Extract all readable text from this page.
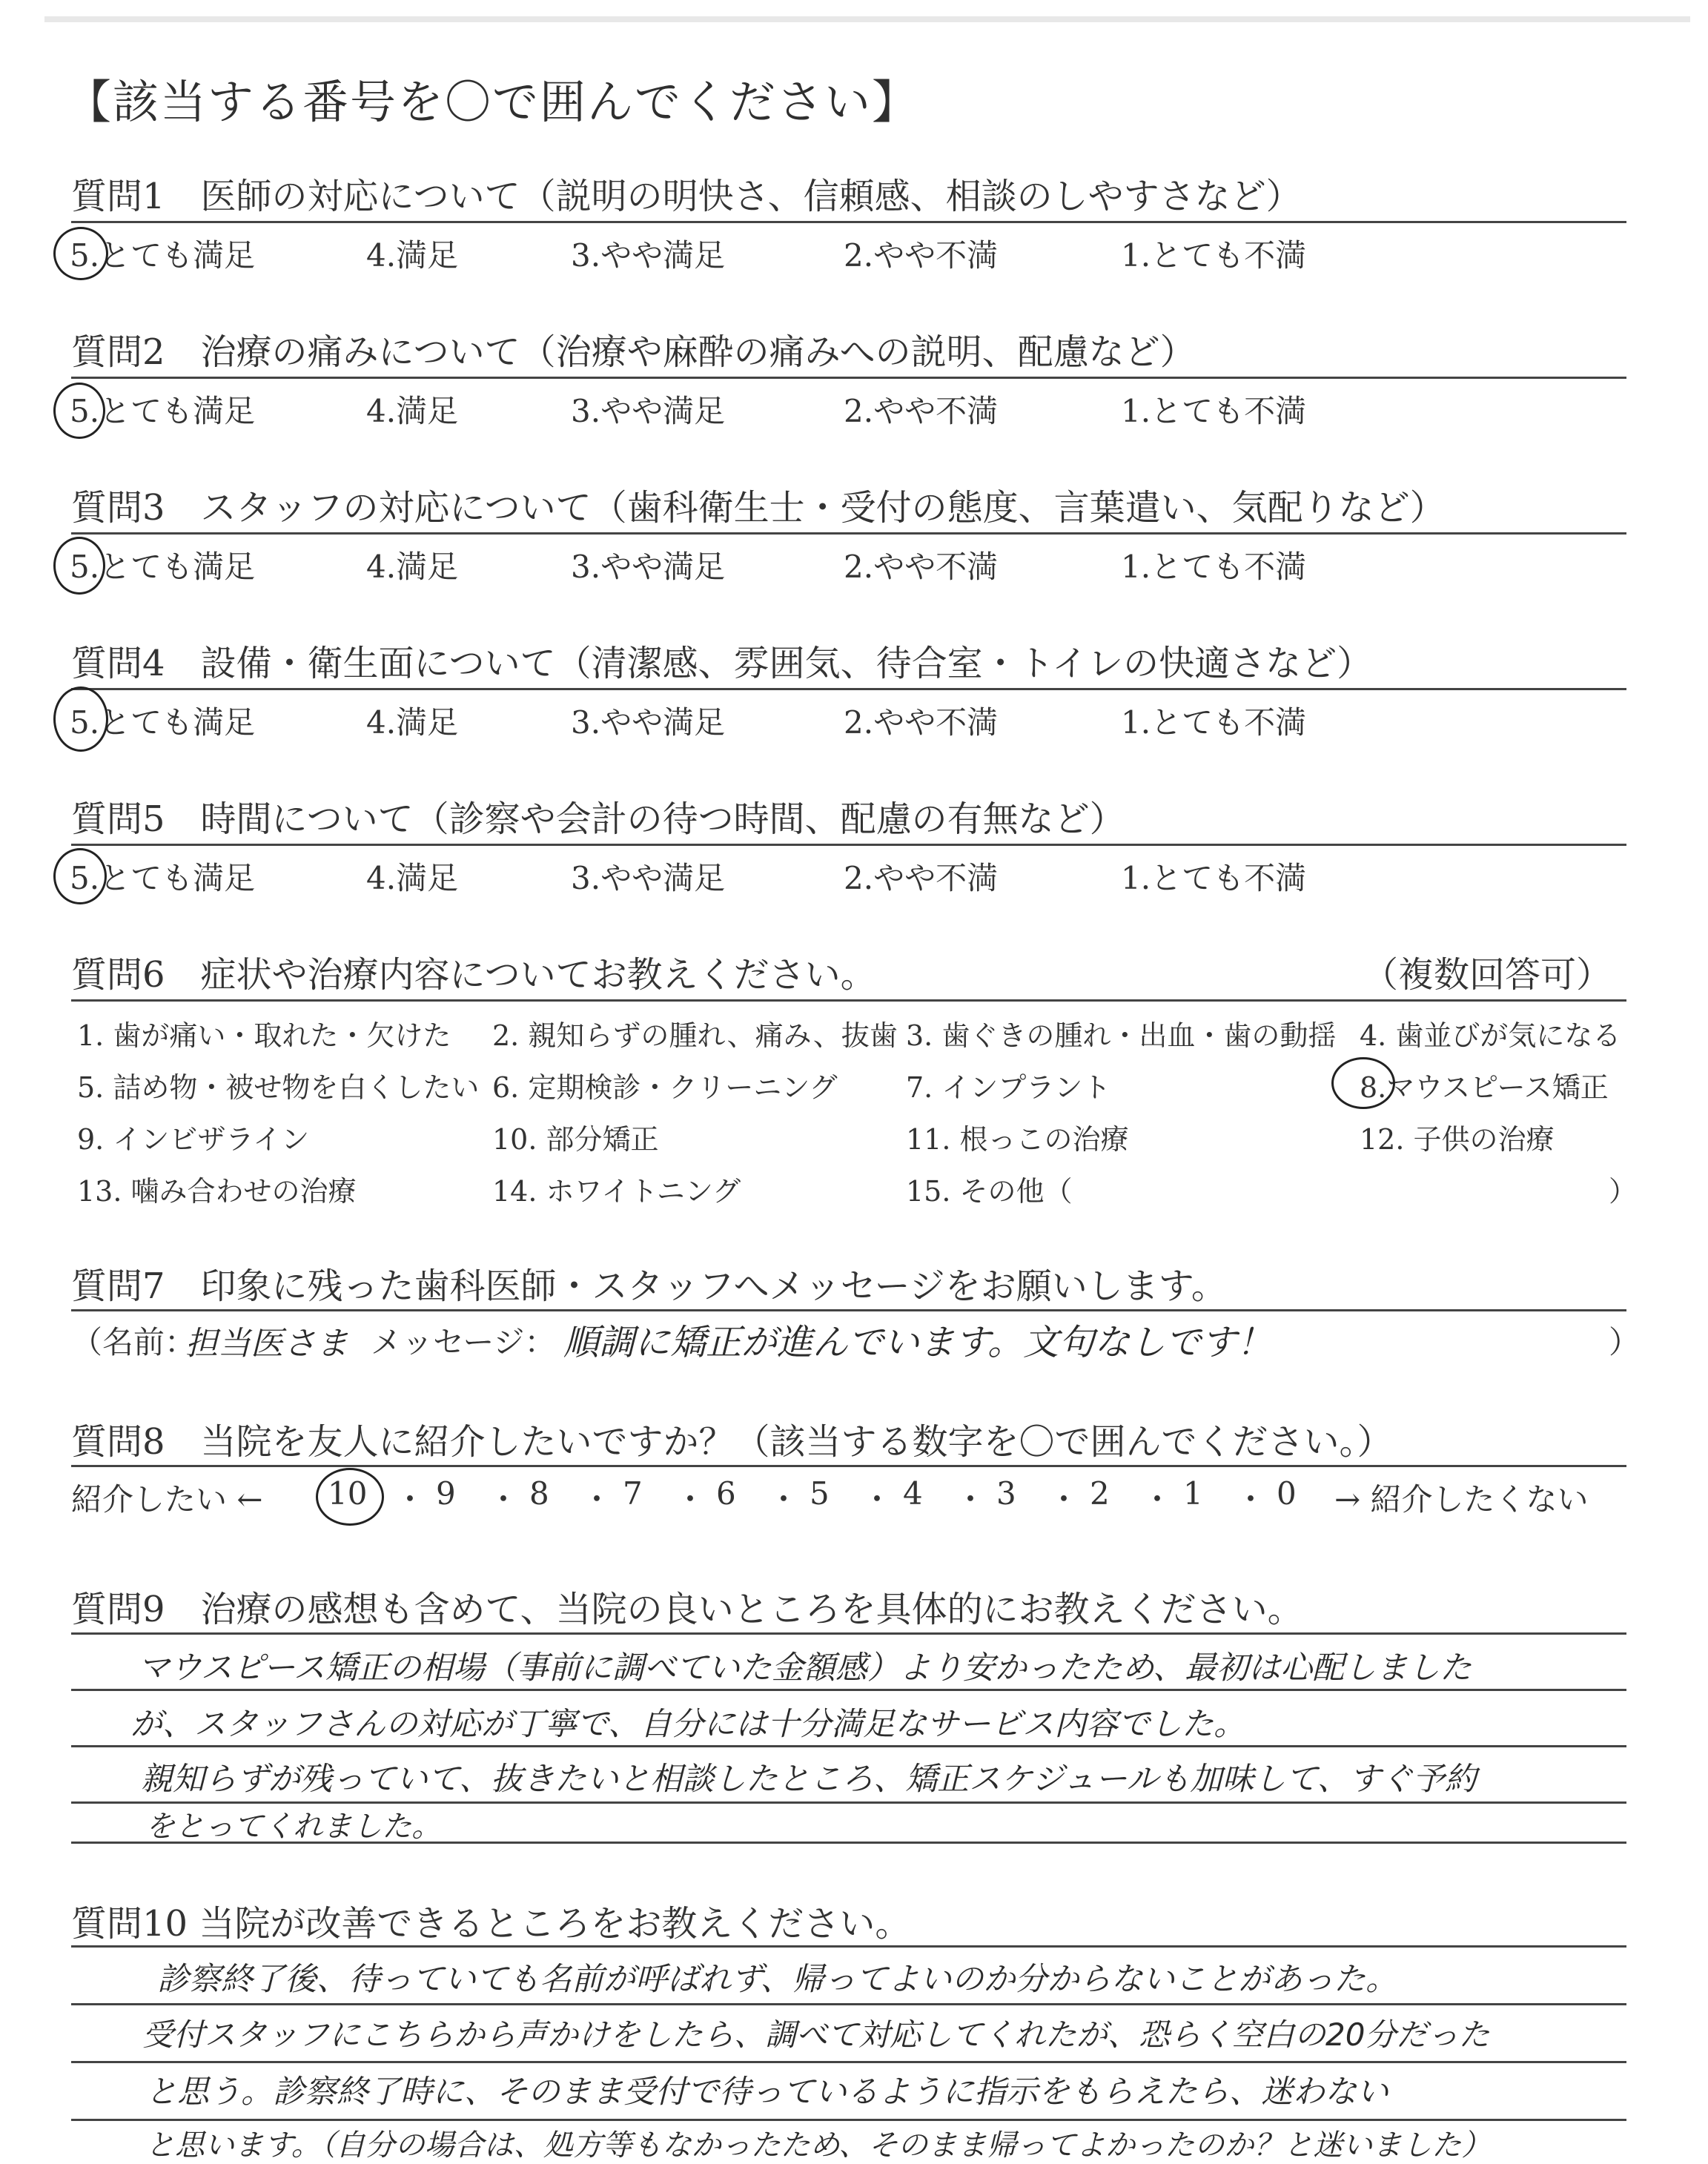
【該当する番号を〇で囲んでください】
質問1　医師の対応について（説明の明快さ、信頼感、相談のしやすさなど）
5.とても満足	4.満足	3.やや満足	2.やや不満	1.とても不満
質問2　治療の痛みについて（治療や麻酔の痛みへの説明、配慮など）
5.とても満足	4.満足	3.やや満足	2.やや不満	1.とても不満
質問3　スタッフの対応について（歯科衛生士・受付の態度、言葉遣い、気配りなど）
5.とても満足	4.満足	3.やや満足	2.やや不満	1.とても不満
質問4　設備・衛生面について（清潔感、雰囲気、待合室・トイレの快適さなど）
5.とても満足	4.満足	3.やや満足	2.やや不満	1.とても不満
質問5　時間について（診察や会計の待つ時間、配慮の有無など）
5.とても満足	4.満足	3.やや満足	2.やや不満	1.とても不満
質問6　症状や治療内容についてお教えください。	（複数回答可）
1. 歯が痛い・取れた・欠けた 2. 親知らずの腫れ、痛み、抜歯 3. 歯ぐきの腫れ・出血・歯の動揺 4. 歯並びが気になる
5. 詰め物・被せ物を白くしたい 6. 定期検診・クリーニング 7. インプラント	8.マウスピース矯正
9. インビザライン	10. 部分矯正	11. 根っこの治療	12. 子供の治療
13. 噛み合わせの治療	14. ホワイトニング	15. その他（	）
質問7　印象に残った歯科医師・スタッフへメッセージをお願いします。
（名前：
担当医さま メッセージ： 順調に矯正が進んでいます。文句なしです！	）
質問8　当院を友人に紹介したいですか？（該当する数字を〇で囲んでください。）
紹介したい ← 10 ・ 9 ・ 8 ・ 7 ・ 6 ・ 5 ・ 4 ・ 3 ・ 2 ・ 1 ・ 0 → 紹介したくない
質問9　治療の感想も含めて、当院の良いところを具体的にお教えください。
マウスピース矯正の相場（事前に調べていた金額感）より安かったため、最初は心配しました
が、スタッフさんの対応が丁寧で、自分には十分満足なサービス内容でした。
親知らずが残っていて、抜きたいと相談したところ、矯正スケジュールも加味して、すぐ予約
をとってくれました。
質問10 当院が改善できるところをお教えください。
診察終了後、待っていても名前が呼ばれず、帰ってよいのか分からないことがあった。
受付スタッフにこちらから声かけをしたら、調べて対応してくれたが、恐らく空白の20分だった
と思う。診察終了時に、そのまま受付で待っているように指示をもらえたら、迷わない
と思います。（自分の場合は、処方等もなかったため、そのまま帰ってよかったのか？と迷いました）
